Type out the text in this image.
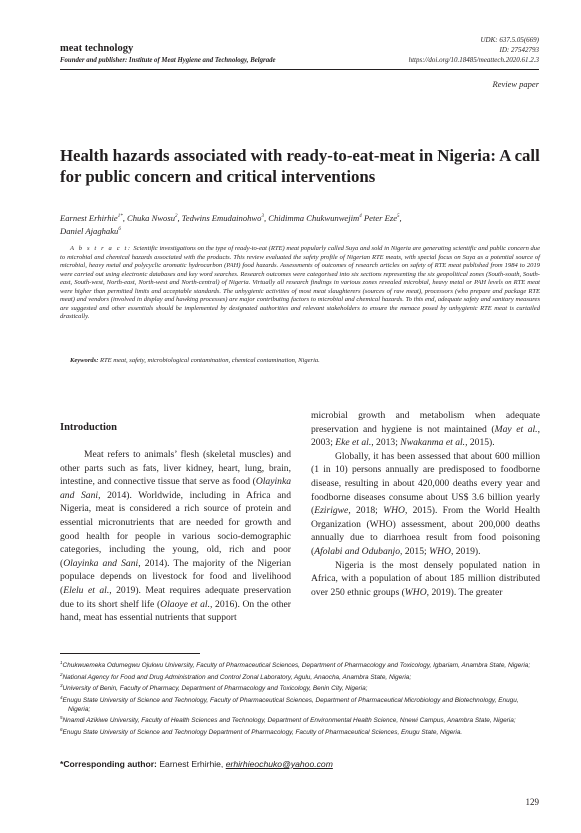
meat technology
Founder and publisher: Institute of Meat Hygiene and Technology, Belgrade
UDK: 637.5.05(669)
ID: 27542793
https://doi.org/10.18485/meattech.2020.61.2.3
Review paper
Health hazards associated with ready-to-eat-meat in Nigeria: A call for public concern and critical interventions
Earnest Erhirhie$^{1*}$, Chuka Nwosu$^2$, Tedwins Emudainohwo$^3$, Chidimma Chukwunwejim$^4$ Peter Eze$^5$,
Daniel Ajaghaku$^6$
A b s t r a c t: Scientific investigations on the type of ready-to-eat (RTE) meat popularly called Suya and sold in Nigeria are generating scientific and public concern due to microbial and chemical hazards associated with the products. This review evaluated the safety profile of Nigerian RTE meats, with special focus on Suya as a potential source of microbial, heavy metal and polycyclic aromatic hydrocarbon (PAH) food hazards. Assessments of outcomes of research articles on safety of RTE meat published from 1984 to 2019 were carried out using electronic databases and key word searches. Research outcomes were categorised into six sections representing the six geopolitical zones (South-south, South-east, South-west, North-east, North-west and North-central) of Nigeria. Virtually all research findings in various zones revealed microbial, heavy metal or PAH levels on RTE meat were higher than permitted limits and acceptable standards. The unhygienic activities of most meat slaughterers (sources of raw meat), processors (who prepare and package RTE meat) and vendors (involved in display and hawking processes) are major contributing factors to microbial and chemical hazards. To this end, adequate safety and sanitary measures are suggested and other essentials should be implemented by designated authorities and relevant stakeholders to ensure the menace posed by unhygienic RTE meat is curtailed drastically.
Keywords: RTE meat, safety, microbiological contamination, chemical contamination, Nigeria.
Introduction

Meat refers to animals’ flesh (skeletal muscles) and other parts such as fats, liver kidney, heart, lung, brain, intestine, and connective tissue that serve as food (Olayinka and Sani, 2014). Worldwide, including in Africa and Nigeria, meat is considered a rich source of protein and essential micronutrients that are needed for growth and good health for people in various socio-demographic categories, including the young, old, rich and poor (Olayinka and Sani, 2014). The majority of the Nigerian populace depends on livestock for food and livelihood (Elelu et al., 2019). Meat requires adequate preservation due to its short shelf life (Olaoye et al., 2016). On the other hand, meat has essential nutrients that support

microbial growth and metabolism when adequate preservation and hygiene is not maintained (May et al., 2003; Eke et al., 2013; Nwakanma et al., 2015).

Globally, it has been assessed that about 600 million (1 in 10) persons annually are predisposed to foodborne disease, resulting in about 420,000 deaths every year and foodborne diseases consume about US$ 3.6 billion yearly (Ezirigwe, 2018; WHO, 2015). From the World Health Organization (WHO) assessment, about 200,000 deaths annually due to diarrhoea result from food poisoning (Afolabi and Odubanjo, 2015; WHO, 2019).

Nigeria is the most densely populated nation in Africa, with a population of about 185 million distributed over 250 ethnic groups (WHO, 2019). The greater

$^1$Chukwuemeka Odumegwu Ojukwu University, Faculty of Pharmaceutical Sciences, Department of Pharmacology and Toxicology, Igbariam, Anambra State, Nigeria;
$^2$National Agency for Food and Drug Administration and Control Zonal Laboratory, Agulu, Anaocha, Anambra State, Nigeria;
$^3$University of Benin, Faculty of Pharmacy, Department of Pharmacology and Toxicology, Benin City, Nigeria;
$^4$Enugu State University of Science and Technology, Faculty of Pharmaceutical Sciences, Department of Pharmaceutical Microbiology and Biotechnology, Enugu, Nigeria;
$^5$Nnamdi Azikiwe University, Faculty of Health Sciences and Technology, Department of Environmental Health Science, Nnewi Campus, Anambra State, Nigeria;
$^6$Enugu State University of Science and Technology Department of Pharmacology, Faculty of Pharmaceutical Sciences, Enugu State, Nigeria.
*Corresponding author: Earnest Erhirhie, erhirhieochuko@yahoo.com
129
